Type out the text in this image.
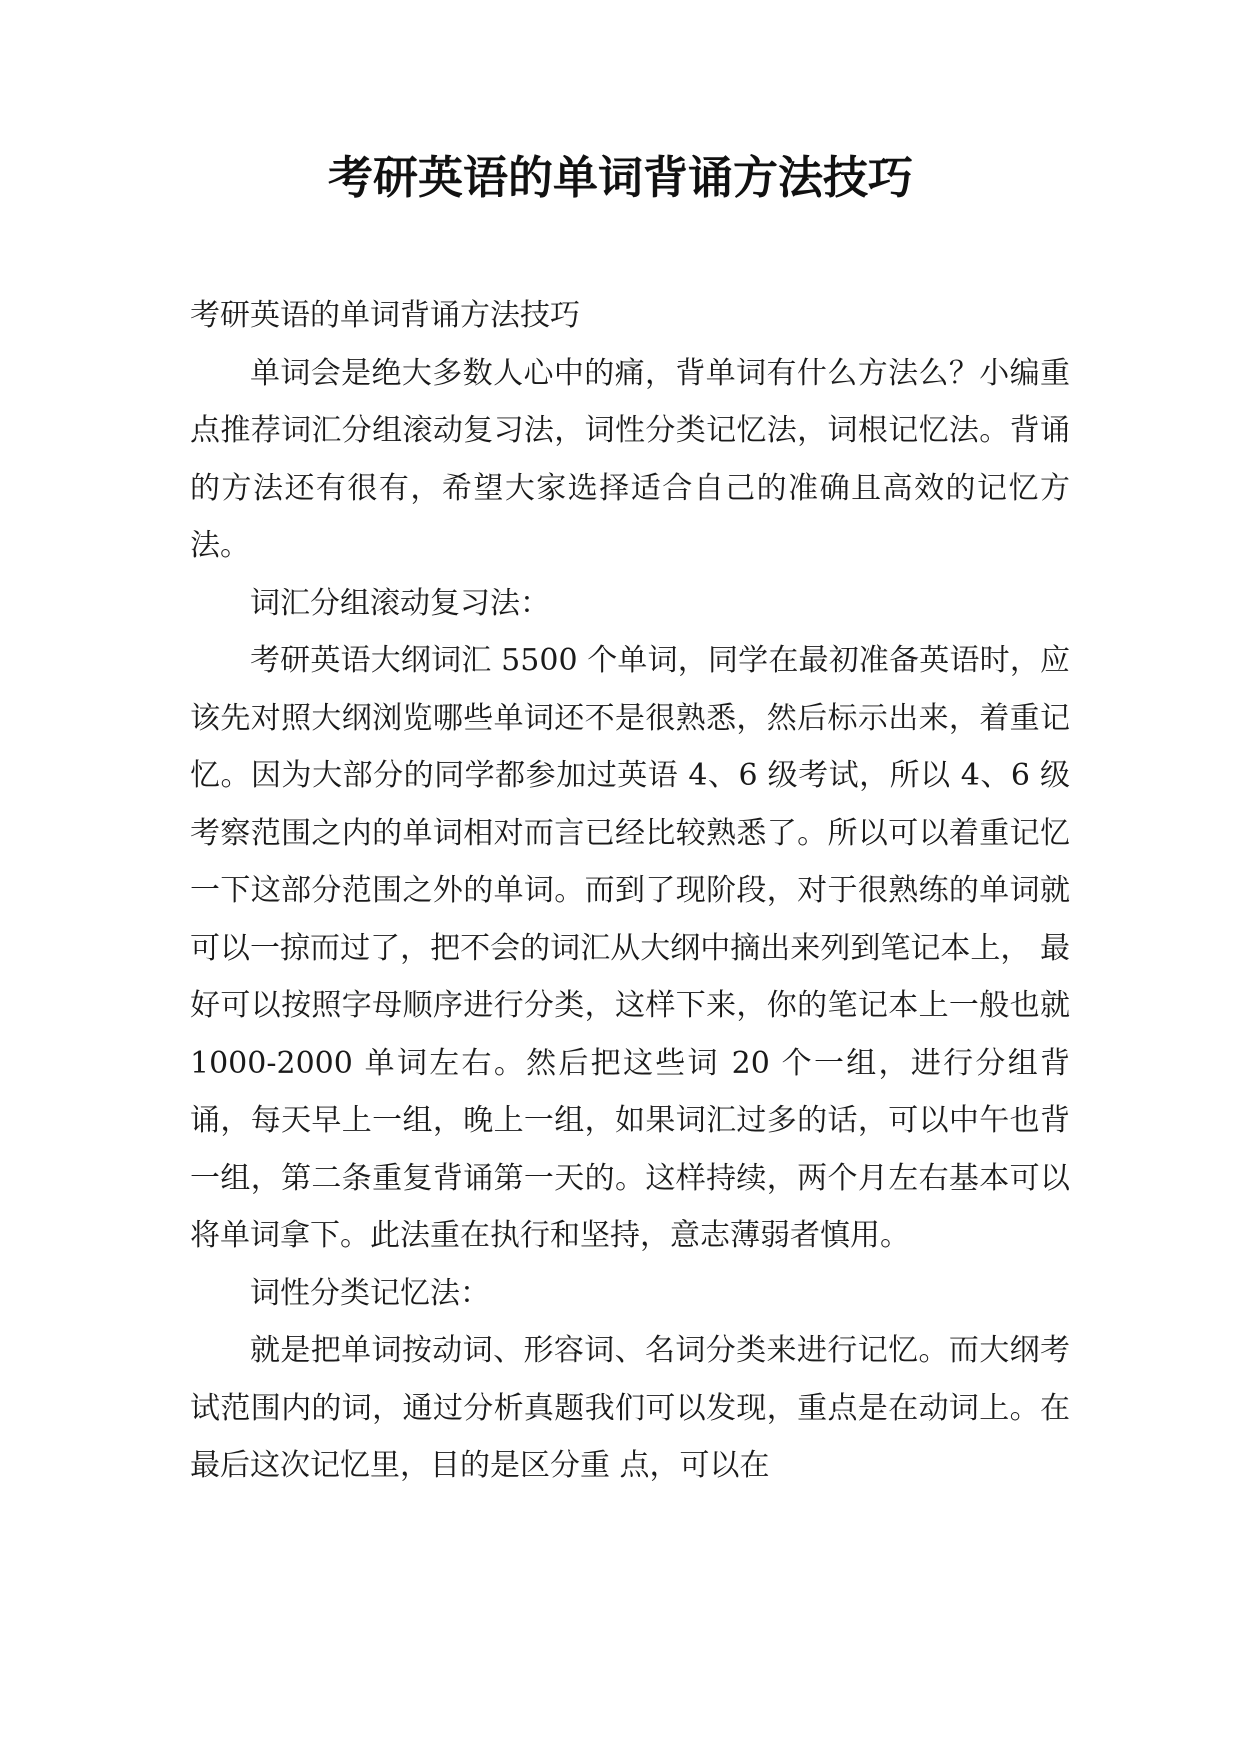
考研英语的单词背诵方法技巧

考研英语的单词背诵方法技巧

单词会是绝大多数人心中的痛，背单词有什么方法么？小编重点推荐词汇分组滚动复习法，词性分类记忆法，词根记忆法。背诵的方法还有很有，希望大家选择适合自己的准确且高效的记忆方法。

词汇分组滚动复习法：

考研英语大纲词汇 5500 个单词，同学在最初准备英语时，应该先对照大纲浏览哪些单词还不是很熟悉，然后标示出来，着重记忆。因为大部分的同学都参加过英语 4、6 级考试，所以 4、6 级考察范围之内的单词相对而言已经比较熟悉了。所以可以着重记忆一下这部分范围之外的单词。而到了现阶段，对于很熟练的单词就可以一掠而过了，把不会的词汇从大纲中摘出来列到笔记本上， 最好可以按照字母顺序进行分类，这样下来，你的笔记本上一般也就 1000-2000 单词左右。然后把这些词 20 个一组，进行分组背诵，每天早上一组，晚上一组，如果词汇过多的话，可以中午也背一组，第二条重复背诵第一天的。这样持续，两个月左右基本可以将单词拿下。此法重在执行和坚持，意志薄弱者慎用。

词性分类记忆法：

就是把单词按动词、形容词、名词分类来进行记忆。而大纲考试范围内的词，通过分析真题我们可以发现，重点是在动词上。在最后这次记忆里，目的是区分重 点，可以在
